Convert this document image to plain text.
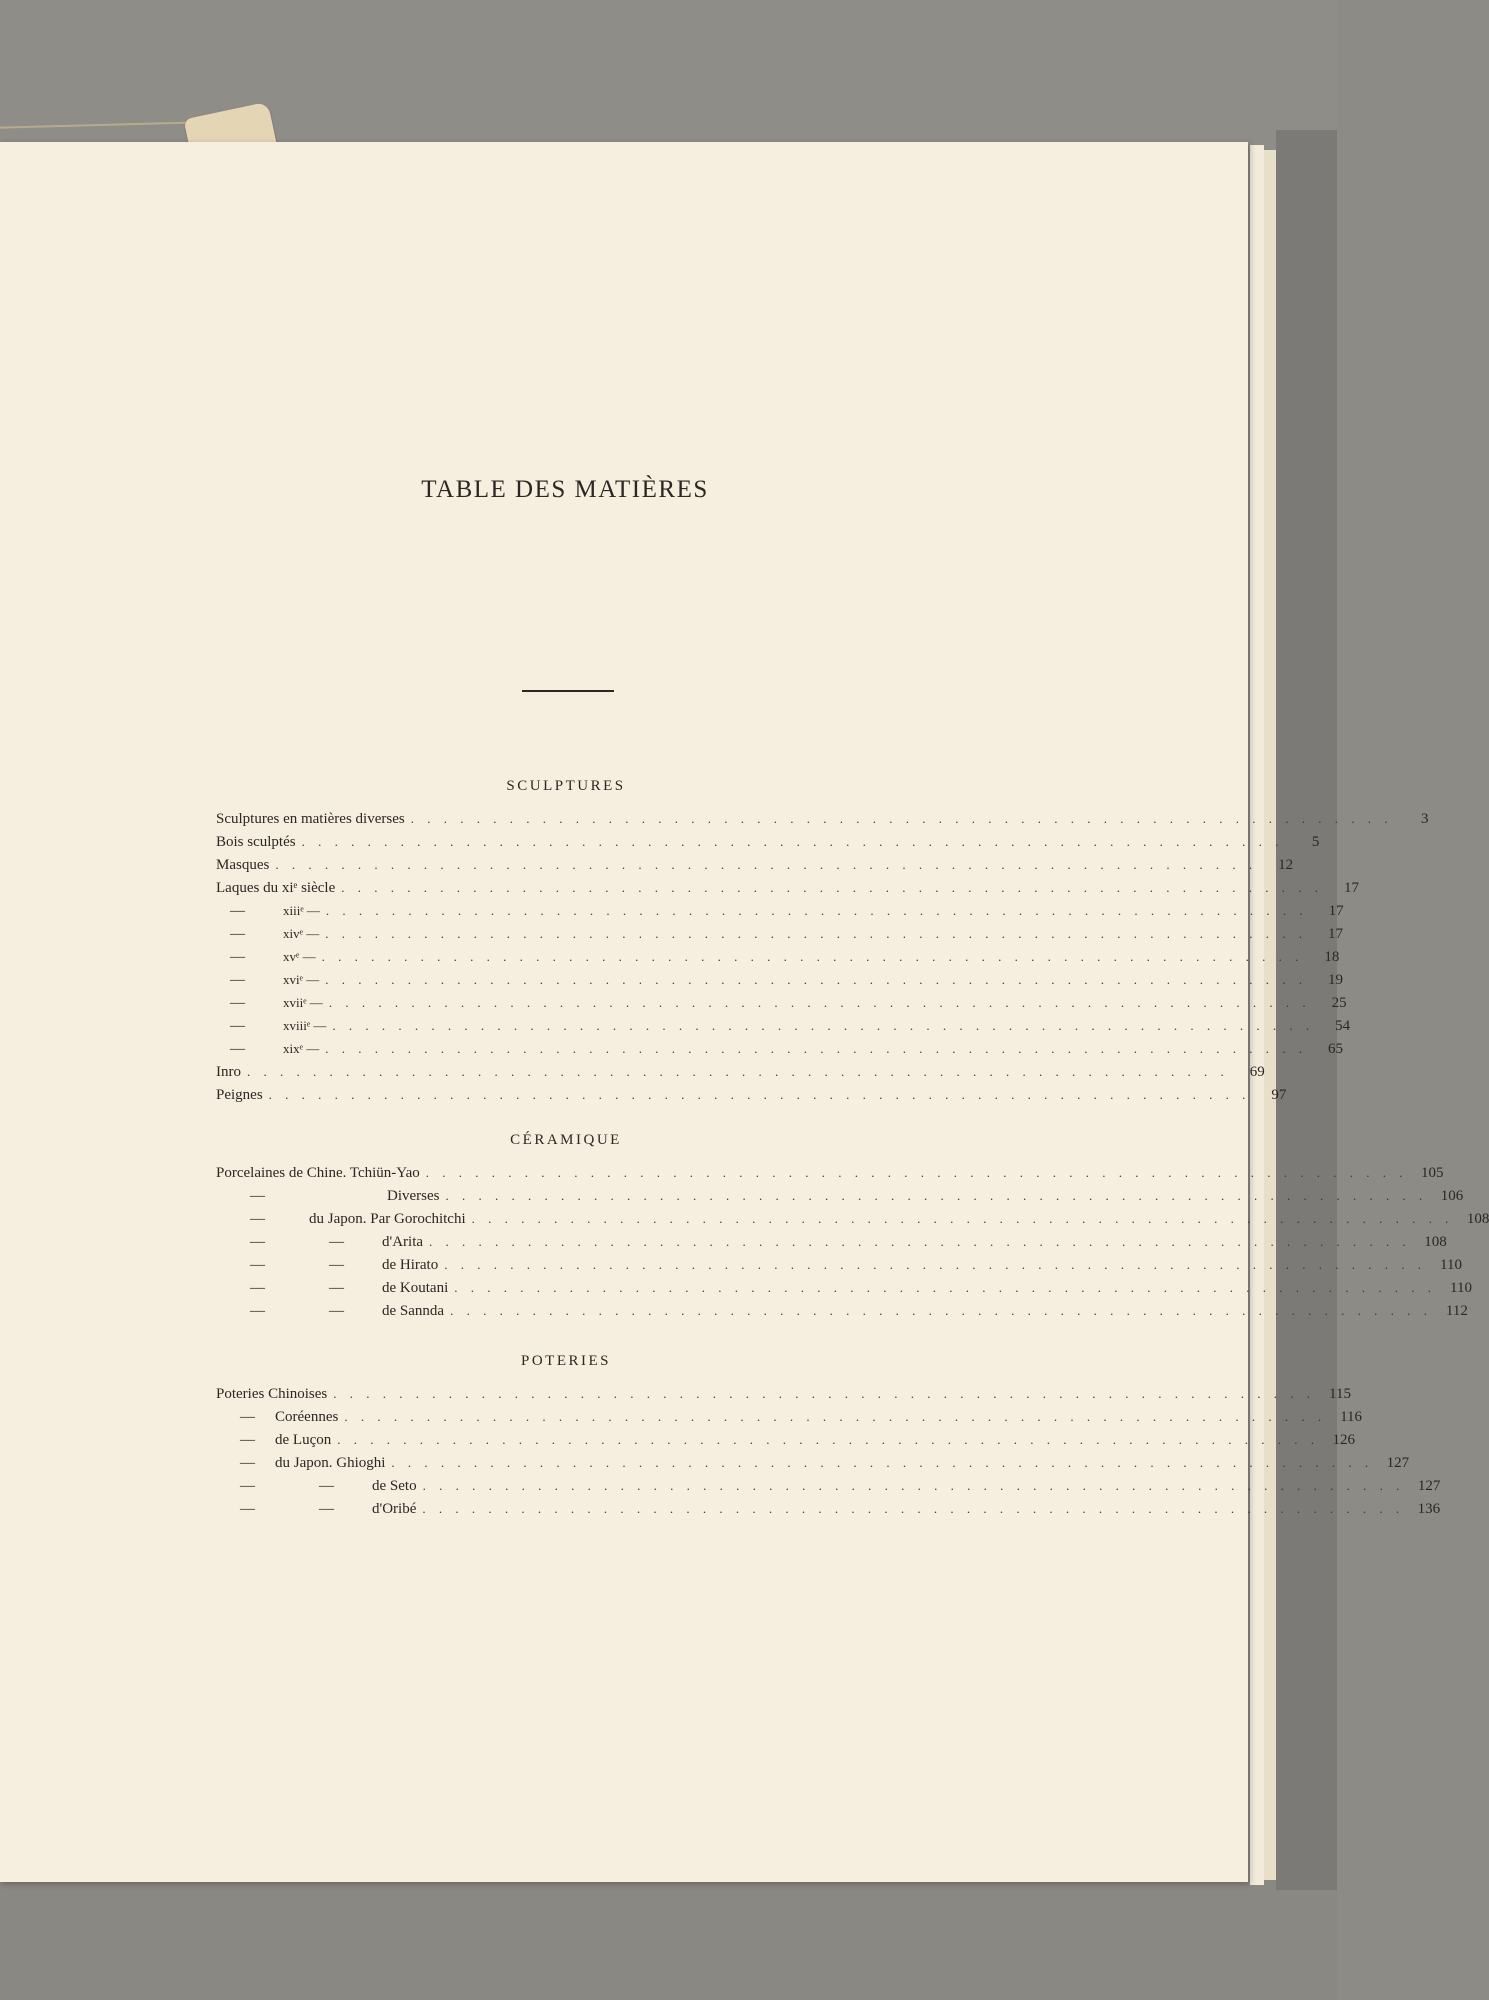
TABLE DES MATIÈRES
SCULPTURES
CÉRAMIQUE
POTERIES
Sculptures en matières diverses . . . . . . . . . . . . . . . . . . . . . . . . . . . . . . . . . . . . . . . . . . . . . . . . . . . . . . . . . . . .	3
Bois sculptés . . . . . . . . . . . . . . . . . . . . . . . . . . . . . . . . . . . . . . . . . . . . . . . . . . . . . . . . . . . .	5
Masques . . . . . . . . . . . . . . . . . . . . . . . . . . . . . . . . . . . . . . . . . . . . . . . . . . . . . . . . . . . .	12
Laques du xiᵉ siècle . . . . . . . . . . . . . . . . . . . . . . . . . . . . . . . . . . . . . . . . . . . . . . . . . . . . . . . . . . . .	17
—	xiiiᵉ — . . . . . . . . . . . . . . . . . . . . . . . . . . . . . . . . . . . . . . . . . . . . . . . . . . . . . . . . . . . .	17
—	xivᵉ — . . . . . . . . . . . . . . . . . . . . . . . . . . . . . . . . . . . . . . . . . . . . . . . . . . . . . . . . . . . .	17
—	xvᵉ — . . . . . . . . . . . . . . . . . . . . . . . . . . . . . . . . . . . . . . . . . . . . . . . . . . . . . . . . . . . .	18
—	xviᵉ — . . . . . . . . . . . . . . . . . . . . . . . . . . . . . . . . . . . . . . . . . . . . . . . . . . . . . . . . . . . .	19
—	xviiᵉ — . . . . . . . . . . . . . . . . . . . . . . . . . . . . . . . . . . . . . . . . . . . . . . . . . . . . . . . . . . . .	25
—	xviiiᵉ — . . . . . . . . . . . . . . . . . . . . . . . . . . . . . . . . . . . . . . . . . . . . . . . . . . . . . . . . . . . .	54
—	xixᵉ — . . . . . . . . . . . . . . . . . . . . . . . . . . . . . . . . . . . . . . . . . . . . . . . . . . . . . . . . . . . .	65
Inro . . . . . . . . . . . . . . . . . . . . . . . . . . . . . . . . . . . . . . . . . . . . . . . . . . . . . . . . . . . .	69
Peignes . . . . . . . . . . . . . . . . . . . . . . . . . . . . . . . . . . . . . . . . . . . . . . . . . . . . . . . . . . . .	97
Porcelaines de Chine. Tchiün-Yao . . . . . . . . . . . . . . . . . . . . . . . . . . . . . . . . . . . . . . . . . . . . . . . . . . . . . . . . . . . . 105
—	Diverses . . . . . . . . . . . . . . . . . . . . . . . . . . . . . . . . . . . . . . . . . . . . . . . . . . . . . . . . . . . . 106
—	du Japon. Par Gorochitchi . . . . . . . . . . . . . . . . . . . . . . . . . . . . . . . . . . . . . . . . . . . . . . . . . . . . . . . . . . . . 108
—	—	d'Arita . . . . . . . . . . . . . . . . . . . . . . . . . . . . . . . . . . . . . . . . . . . . . . . . . . . . . . . . . . . . 108
—	—	de Hirato . . . . . . . . . . . . . . . . . . . . . . . . . . . . . . . . . . . . . . . . . . . . . . . . . . . . . . . . . . . . 110
—	—	de Koutani . . . . . . . . . . . . . . . . . . . . . . . . . . . . . . . . . . . . . . . . . . . . . . . . . . . . . . . . . . . . 110
—	—	de Sannda . . . . . . . . . . . . . . . . . . . . . . . . . . . . . . . . . . . . . . . . . . . . . . . . . . . . . . . . . . . . 112
Poteries Chinoises . . . . . . . . . . . . . . . . . . . . . . . . . . . . . . . . . . . . . . . . . . . . . . . . . . . . . . . . . . . . 115
— Coréennes . . . . . . . . . . . . . . . . . . . . . . . . . . . . . . . . . . . . . . . . . . . . . . . . . . . . . . . . . . . . 116
— de Luçon . . . . . . . . . . . . . . . . . . . . . . . . . . . . . . . . . . . . . . . . . . . . . . . . . . . . . . . . . . . . 126
— du Japon. Ghioghi . . . . . . . . . . . . . . . . . . . . . . . . . . . . . . . . . . . . . . . . . . . . . . . . . . . . . . . . . . . . 127
—	—	de Seto . . . . . . . . . . . . . . . . . . . . . . . . . . . . . . . . . . . . . . . . . . . . . . . . . . . . . . . . . . . . 127
—	—	d'Oribé . . . . . . . . . . . . . . . . . . . . . . . . . . . . . . . . . . . . . . . . . . . . . . . . . . . . . . . . . . . . 136
